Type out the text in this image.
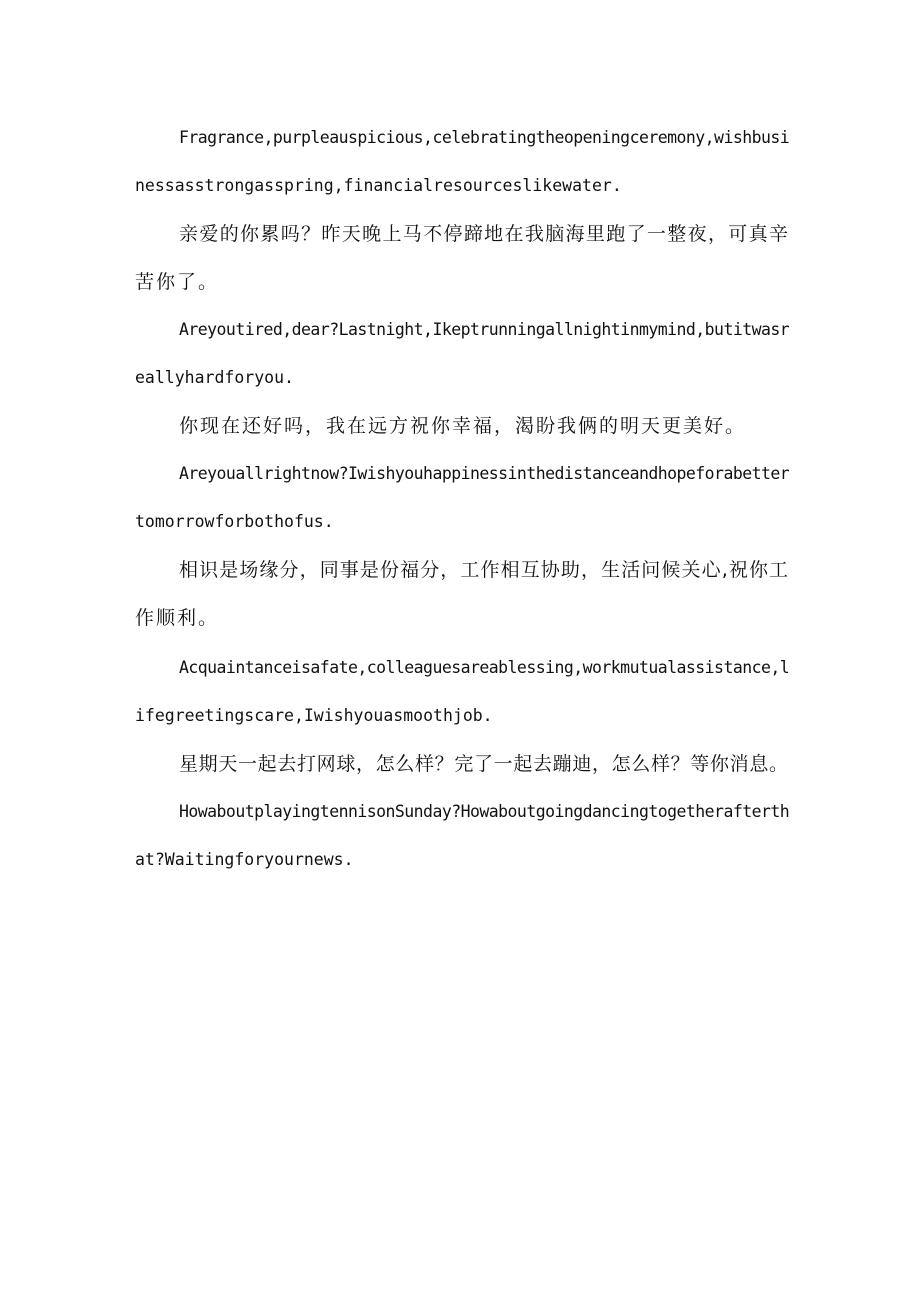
Fragrance,purpleauspicious,celebratingtheopeningceremony,wishbusi
nessasstrongasspring,financialresourceslikewater.
亲爱的你累吗？昨天晚上马不停蹄地在我脑海里跑了一整夜，可真辛
苦你了。
Areyoutired,dear?Lastnight,Ikeptrunningallnightinmymind,butitwasr
eallyhardforyou.
你现在还好吗，我在远方祝你幸福，渴盼我俩的明天更美好。
Areyouallrightnow?Iwishyouhappinessinthedistanceandhopeforabetter
tomorrowforbothofus.
相识是场缘分，同事是份福分，工作相互协助，生活问候关心,祝你工
作顺利。
Acquaintanceisafate,colleaguesareablessing,workmutualassistance,l
ifegreetingscare,Iwishyouasmoothjob.
星期天一起去打网球，怎么样？完了一起去蹦迪，怎么样？等你消息。
HowaboutplayingtennisonSunday?Howaboutgoingdancingtogetherafterth
at?Waitingforyournews.
